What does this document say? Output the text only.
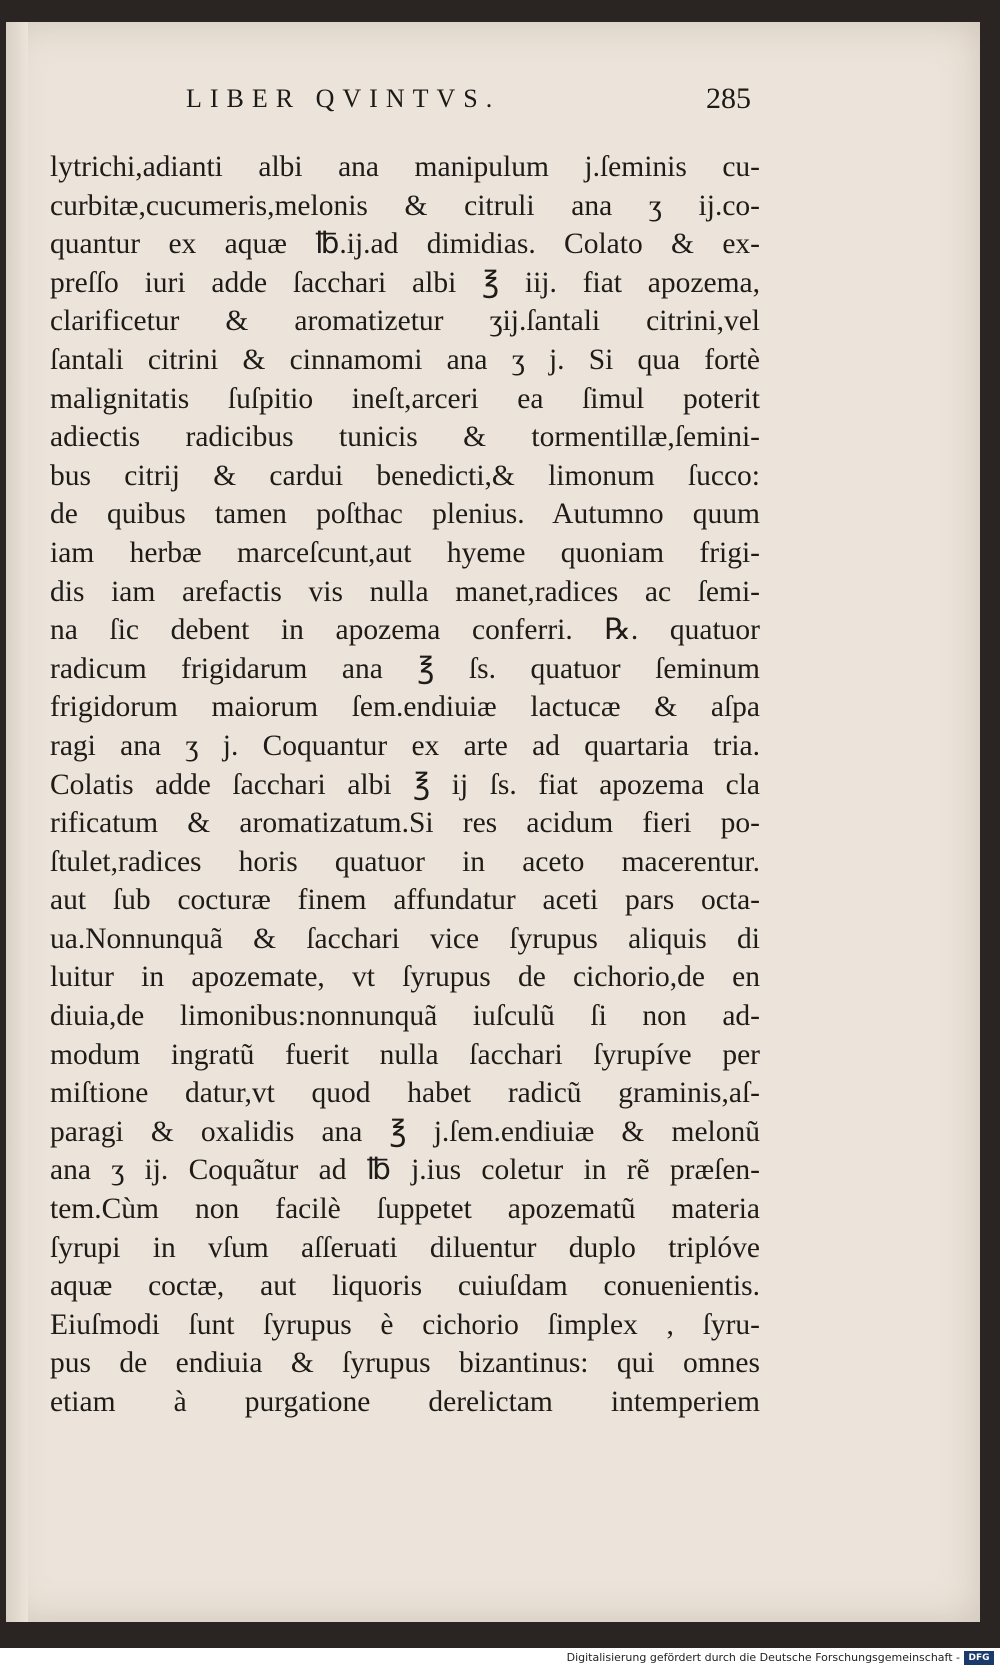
LIBER QVINTVS.	285
lytrichi,adianti albi ana manipulum j.ſeminis cu-
curbitæ,cucumeris,melonis & citruli ana ʒ ij.co-
quantur ex aquæ ℔.ij.ad dimidias. Colato & ex-
preſſo iuri adde ſacchari albi ℥ iij. fiat apozema,
clarificetur & aromatizetur ʒij.ſantali citrini,vel
ſantali citrini & cinnamomi ana ʒ j. Si qua fortè
malignitatis ſuſpitio ineſt,arceri ea ſimul poterit
adiectis radicibus tunicis & tormentillæ,ſemini-
bus citrij & cardui benedicti,& limonum ſucco:
de quibus tamen poſthac plenius. Autumno quum
iam herbæ marceſcunt,aut hyeme quoniam frigi-
dis iam arefactis vis nulla manet,radices ac ſemi-
na ſic debent in apozema conferri. ℞. quatuor
radicum frigidarum ana ℥ ſs. quatuor ſeminum
frigidorum maiorum ſem.endiuiæ lactucæ & aſpa
ragi ana ʒ j. Coquantur ex arte ad quartaria tria.
Colatis adde ſacchari albi ℥ ij ſs. fiat apozema cla
rificatum & aromatizatum.Si res acidum fieri po-
ſtulet,radices horis quatuor in aceto macerentur.
aut ſub cocturæ finem affundatur aceti pars octa-
ua.Nonnunquã & ſacchari vice ſyrupus aliquis di
luitur in apozemate, vt ſyrupus de cichorio,de en
diuia,de limonibus:nonnunquã iuſculũ ſi non ad-
modum ingratũ fuerit nulla ſacchari ſyrupíve per
miſtione datur,vt quod habet radicũ graminis,aſ-
paragi & oxalidis ana ℥ j.ſem.endiuiæ & melonũ
ana ʒ ij. Coquãtur ad ℔ j.ius coletur in rẽ præſen-
tem.Cùm non facilè ſuppetet apozematũ materia
ſyrupi in vſum aſſeruati diluentur duplo triplóve
aquæ coctæ, aut liquoris cuiuſdam conuenientis.
Eiuſmodi ſunt ſyrupus è cichorio ſimplex , ſyru-
pus de endiuia & ſyrupus bizantinus: qui omnes
etiam à purgatione derelictam intemperiem
Digitalisierung gefördert durch die Deutsche Forschungsgemeinschaft - DFG
